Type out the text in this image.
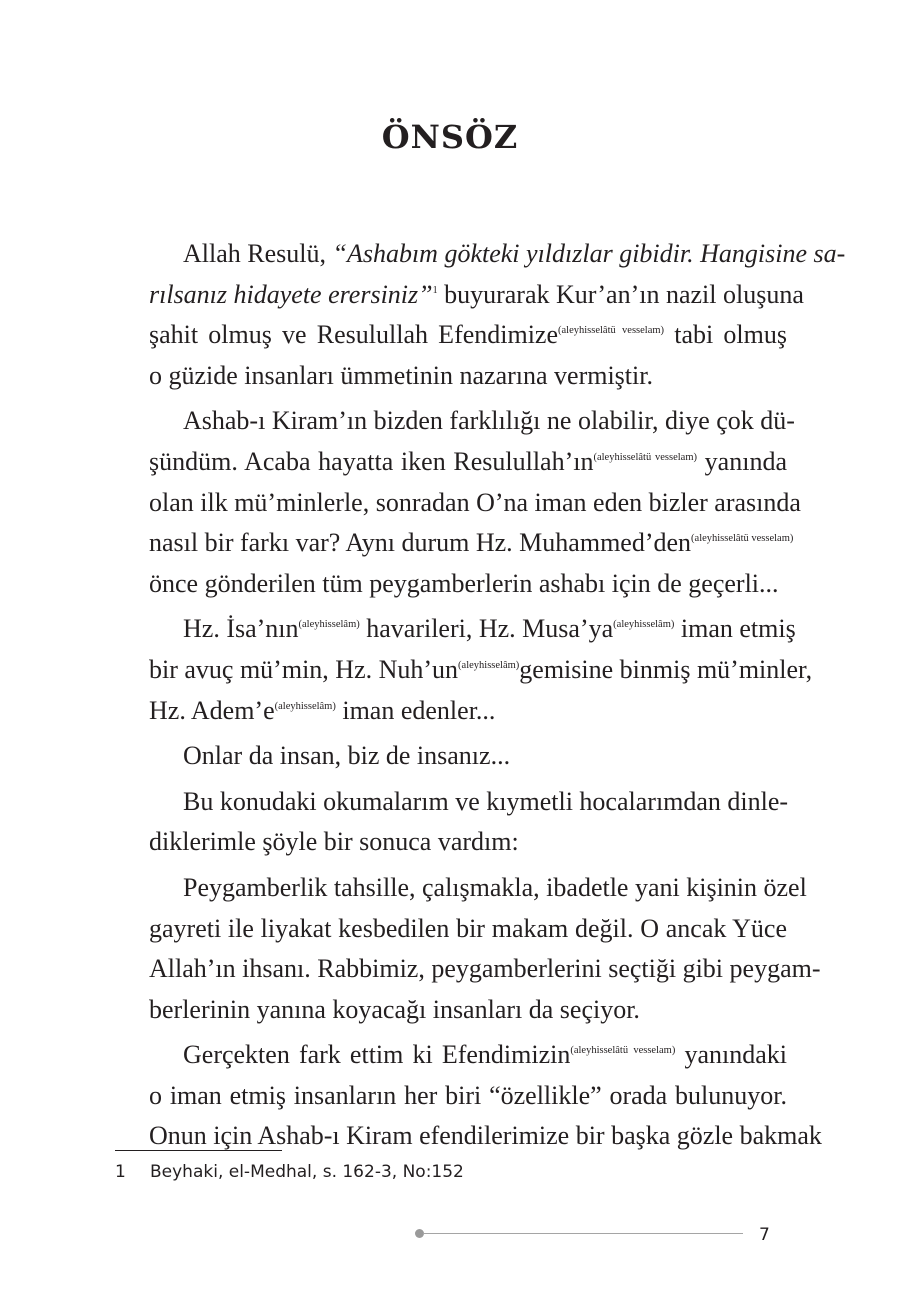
ÖNSÖZ

Allah Resulü, “Ashabım gökteki yıldızlar gibidir. Hangisine sa-
rılsanız hidayete erersiniz”$^1$ buyurarak Kur’an’ın nazil oluşuna
şahit olmuş ve Resulullah Efendimize$^{(aleyhisselâtü vesselam)}$ tabi olmuş
o güzide insanları ümmetinin nazarına vermiştir.

Ashab-ı Kiram’ın bizden farklılığı ne olabilir, diye çok dü-
şündüm. Acaba hayatta iken $Resulullah’ın^{(aleyhisselâtü vesselam)}$ yanında
olan ilk mü’minlerle, sonradan O’na iman eden bizler arasında
nasıl bir farkı var? Aynı durum Hz. Muhammed’den$^{(aleyhisselâtü vesselam)}$
önce gönderilen tüm peygamberlerin ashabı için de geçerli...

Hz. İsa’nın$^{(aleyhisselâm)}$ havarileri, Hz. $Musa’ya^{(aleyhisselâm)}$ iman etmiş
bir avuç mü’min, Hz. $Nuh’un^{(aleyhisselâm)}gemisine$ binmiş mü’minler,
Hz. $Adem’e^{(aleyhisselâm)}$ iman edenler...

Onlar da insan, biz de insanız...

Bu konudaki okumalarım ve kıymetli hocalarımdan dinle-
diklerimle şöyle bir sonuca vardım:

Peygamberlik tahsille, çalışmakla, ibadetle yani kişinin özel
gayreti ile liyakat kesbedilen bir makam değil. O ancak Yüce
Allah’ın ihsanı. Rabbimiz, peygamberlerini seçtiği gibi peygam-
berlerinin yanına koyacağı insanları da seçiyor.

Gerçekten fark ettim ki Efendimizin$^{(aleyhisselâtü vesselam)}$ yanındaki
o iman etmiş insanların her biri “özellikle” orada bulunuyor.
Onun için Ashab-ı Kiram efendilerimize bir başka gözle bakmak

1 Beyhaki, el-Medhal, s. 162-3, No:152
7
